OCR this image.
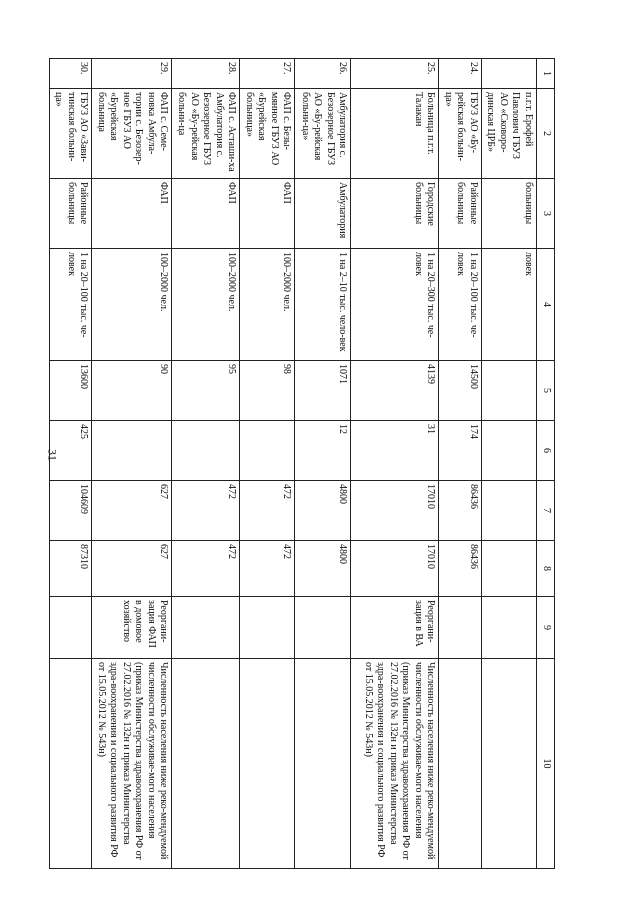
31
1	2	3	4	5	6	7	8	9	10
	п.г.т. Ерофей Павлович ГБУЗ АО «Сковоро-динская ЦРБ»	больницы	ловек						
24.	ГБУЗ АО «Бу-рейская больни-ца»	Районные больницы	1 на 20–100 тыс. че-ловек	14500	174	86436	86436		
25.	Больница п.г.т. Талакан	Городские больницы	1 на 20–300 тыс. че-ловек	4139	31	17010	17010	Реоргани-зация в ВА	Численность населения ниже реко-мендуемой численности обслуживае-мого населения (приказ Министерства здравоохранения РФ от 27.02.2016 № 132н и приказ Министерства здра-воохранения и социального развития РФ от 15.05.2012 № 543н)
26.	Амбулатория с. Безозерное ГБУЗ АО «Бу-рейская больни-ца»	Амбулатория	1 на 2–10 тыс. чело-век	1071	12	4800	4800		
27.	ФАП с. Безы-мянное ГБУЗ АО «Бурейская больница»	ФАП	100–2000 чел.	98		472	472		
28.	ФАП с. Асташи-ха Амбулатория с. Безозерное ГБУЗ АО «Бу-рейская больни-ца	ФАП	100–2000 чел.	95		472	472		
29.	ФАП с. Семе-новка Амбула-тории с. Безозер-ное ГБУЗ АО «Бурейская больница	ФАП	100–2000 чел.	90		627	627	Реоргани-зация ФАП в домовое хозяйство	Численность населения ниже реко-мендуемой численности обслуживае-мого населения (приказ Министерства здравоохранения РФ от 27.02.2016 № 132н и приказ Министерства здра-воохранения и социального развития РФ от 15.05.2012 № 543н)
30.	ГБУЗ АО «Зави-тинская больни-ца»	Районные больницы	1 на 20–100 тыс. че-ловек	13600	425	104609	87310		
